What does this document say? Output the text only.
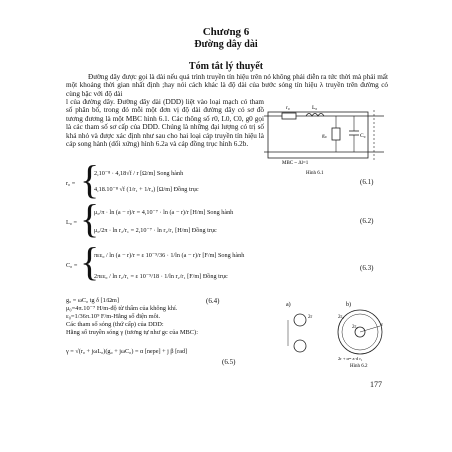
Chương 6
Đường dây dài
Tóm tắt lý thuyết
Đường dây được gọi là dài nếu quá trình truyền tín hiệu trên nó không phải diễn ra tức thời mà phải mất một khoảng thời gian nhất định ;hay nói cách khác là độ dài của bước sóng tín hiệu λ truyền trên đường có cùng bậc với độ dài
l của đường dây. Đường dây dài (DDD) liệt vào loại mạch có tham số phân bố, trong đó mỗi một đơn vị độ dài đường dây có sơ đồ tương đương là một MBC hình 6.1. Các thông số r0, L0, C0, g0 gọi là các tham số sơ cấp của DDD. Chúng là những đại lượng có trị số khá nhỏ và được xác định như sau cho hai loại cáp truyền tín hiệu là cáp song hành (dối xứng) hình 6.2a và cáp đồng trục hình 6.2b.
r₀	L₀
g₀	C₀
MBC ~ Δl=1
Hình 6.1
r₀ = {
2,10⁻⁸ · 4,18√f / r [Ω/m] Song hành
4,18.10⁻⁸ √f (1/r₁ + 1/r₂) [Ω/m] Đồng trục
(6.1)
L₀ = {
μ₀/π · ln (a − r)/r = 4,10⁻⁷ · ln (a − r)/r [H/m] Song hành
μ₀/2π · ln r₂/r₁ = 2,10⁻⁷ · ln r₂/r₁ [H/m] Đồng trục
(6.2)
C₀ = {
πεε₀ / ln (a − r)/r = ε 10⁻⁹/36 · 1/ln (a − r)/r [F/m] Song hành
2πεε₀ / ln r₂/r₁ = ε 10⁻⁹/18 · 1/ln r₂/r₁ [F/m] Đồng trục
(6.3)
g₀ = ωC₀ tg δ [1/Ωm]	(6.4)
μ₀=4π.10⁻⁷ H/m-độ từ thẩm của không khí.
ε₀=1/36π.10⁹ F/m-Hằng số điện môi.
Các tham số sóng (thứ cấp) của DDD:
Hằng số truyền sóng γ (tương tự như gc của MBC):
γ = √(r₀ + jωL₀)(g₀ + jωC₀) = α [nepe] + j β [rad]
(6.5)
a)	b)
2r	2r₂
2r₁	ε
2r + α= a·d r₁
Hình 6.2
177
